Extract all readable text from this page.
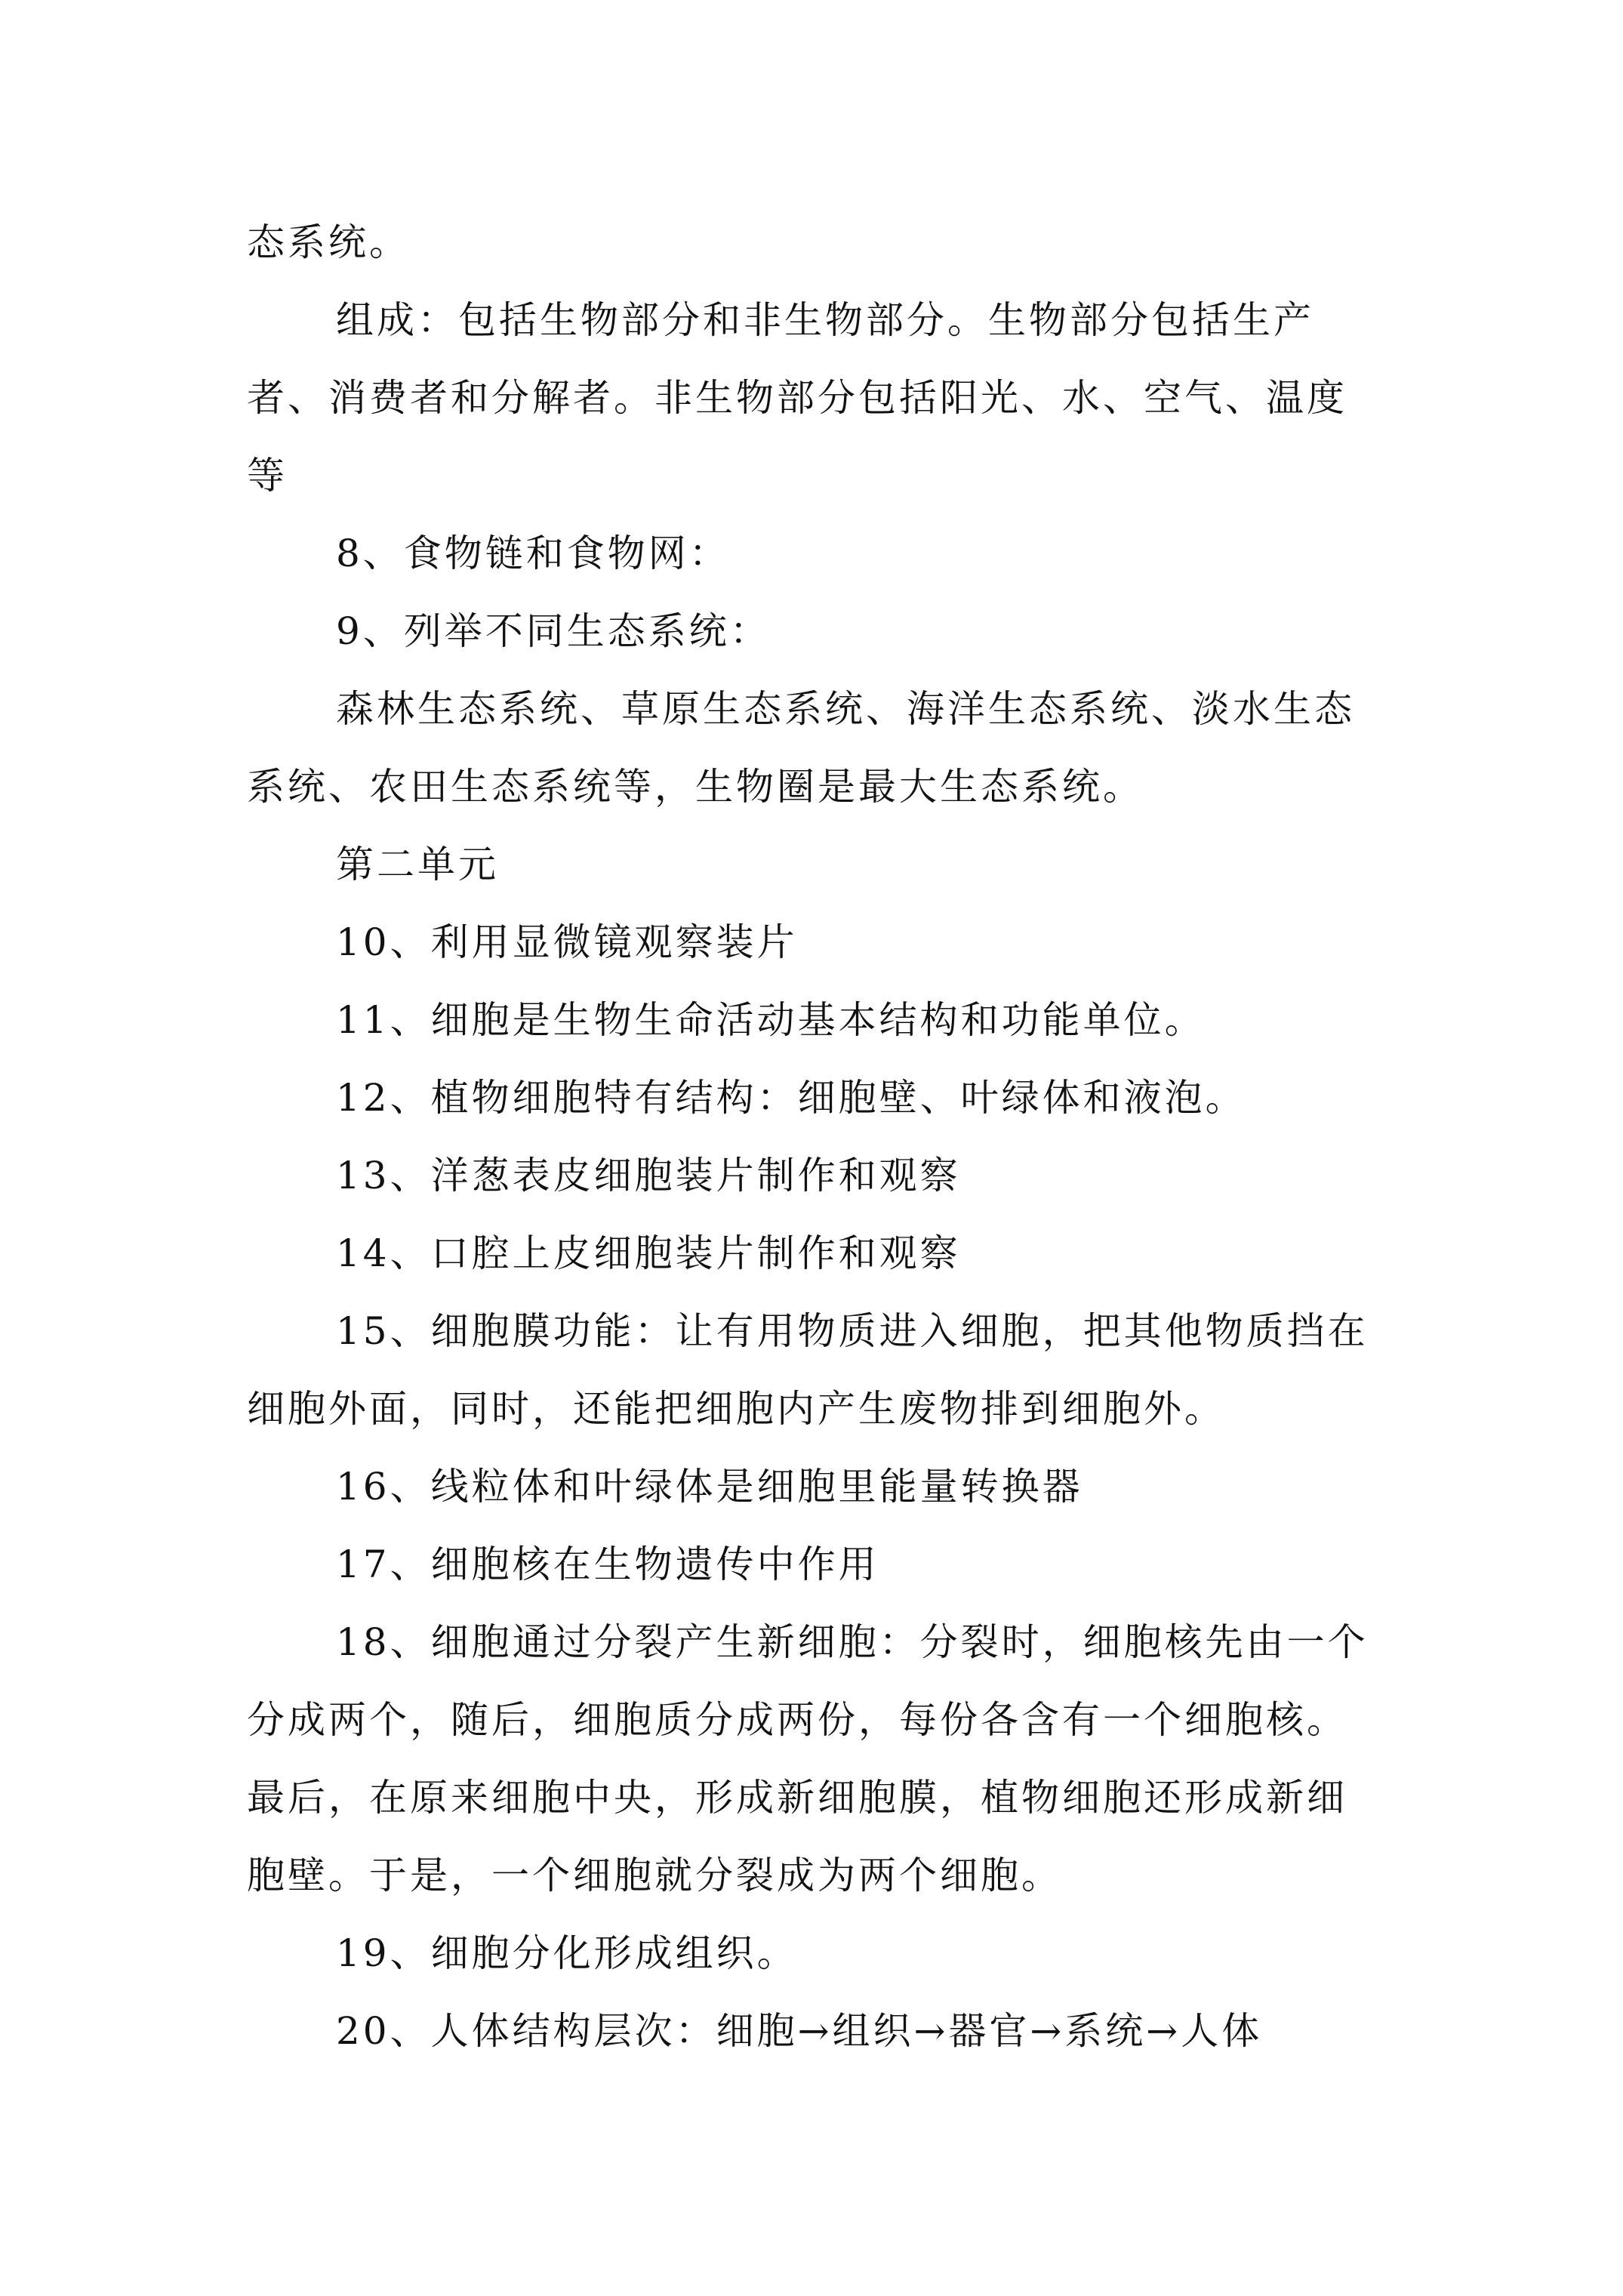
态系统。

组成：包括生物部分和非生物部分。生物部分包括生产者、消费者和分解者。非生物部分包括阳光、水、空气、温度等

8、食物链和食物网：

9、列举不同生态系统：

森林生态系统、草原生态系统、海洋生态系统、淡水生态系统、农田生态系统等，生物圈是最大生态系统。

第二单元

10、利用显微镜观察装片

11、细胞是生物生命活动基本结构和功能单位。

12、植物细胞特有结构：细胞壁、叶绿体和液泡。

13、洋葱表皮细胞装片制作和观察

14、口腔上皮细胞装片制作和观察

15、细胞膜功能：让有用物质进入细胞，把其他物质挡在细胞外面，同时，还能把细胞内产生废物排到细胞外。

16、线粒体和叶绿体是细胞里能量转换器

17、细胞核在生物遗传中作用

18、细胞通过分裂产生新细胞：分裂时，细胞核先由一个分成两个，随后，细胞质分成两份，每份各含有一个细胞核。最后，在原来细胞中央，形成新细胞膜，植物细胞还形成新细胞壁。于是，一个细胞就分裂成为两个细胞。

19、细胞分化形成组织。

20、人体结构层次：细胞→组织→器官→系统→人体
